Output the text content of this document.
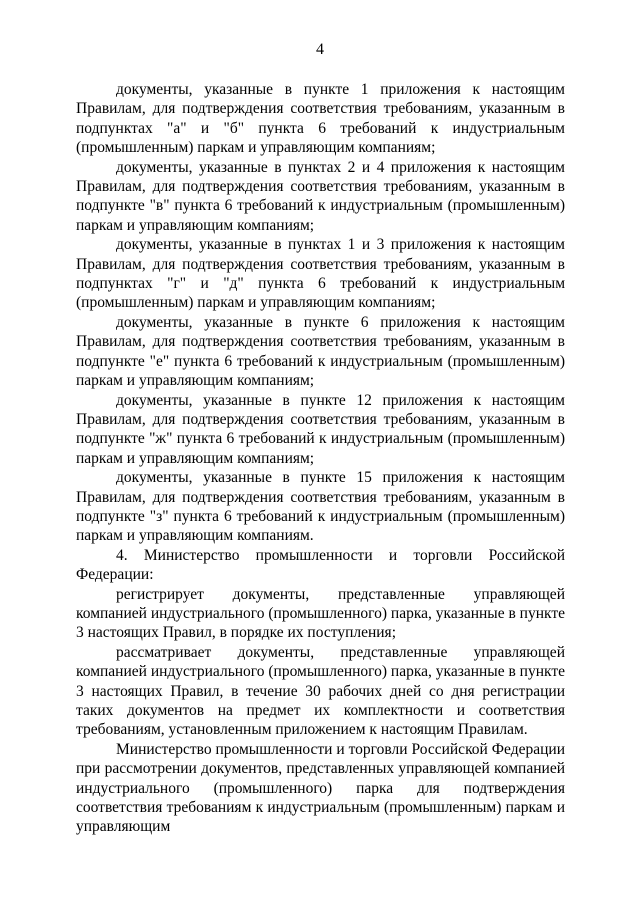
4

документы, указанные в пункте 1 приложения к настоящим Правилам, для подтверждения соответствия требованиям, указанным в подпунктах "а" и "б" пункта 6 требований к индустриальным (промышленным) паркам и управляющим компаниям;

документы, указанные в пунктах 2 и 4 приложения к настоящим Правилам, для подтверждения соответствия требованиям, указанным в подпункте "в" пункта 6 требований к индустриальным (промышленным) паркам и управляющим компаниям;

документы, указанные в пунктах 1 и 3 приложения к настоящим Правилам, для подтверждения соответствия требованиям, указанным в подпунктах "г" и "д" пункта 6 требований к индустриальным (промышленным) паркам и управляющим компаниям;

документы, указанные в пункте 6 приложения к настоящим Правилам, для подтверждения соответствия требованиям, указанным в подпункте "е" пункта 6 требований к индустриальным (промышленным) паркам и управляющим компаниям;

документы, указанные в пункте 12 приложения к настоящим Правилам, для подтверждения соответствия требованиям, указанным в подпункте "ж" пункта 6 требований к индустриальным (промышленным) паркам и управляющим компаниям;

документы, указанные в пункте 15 приложения к настоящим Правилам, для подтверждения соответствия требованиям, указанным в подпункте "з" пункта 6 требований к индустриальным (промышленным) паркам и управляющим компаниям.

4. Министерство промышленности и торговли Российской Федерации:

регистрирует документы, представленные управляющей компанией индустриального (промышленного) парка, указанные в пункте 3 настоящих Правил, в порядке их поступления;

рассматривает документы, представленные управляющей компанией индустриального (промышленного) парка, указанные в пункте 3 настоящих Правил, в течение 30 рабочих дней со дня регистрации таких документов на предмет их комплектности и соответствия требованиям, установленным приложением к настоящим Правилам.

Министерство промышленности и торговли Российской Федерации при рассмотрении документов, представленных управляющей компанией индустриального (промышленного) парка для подтверждения соответствия требованиям к индустриальным (промышленным) паркам и управляющим
